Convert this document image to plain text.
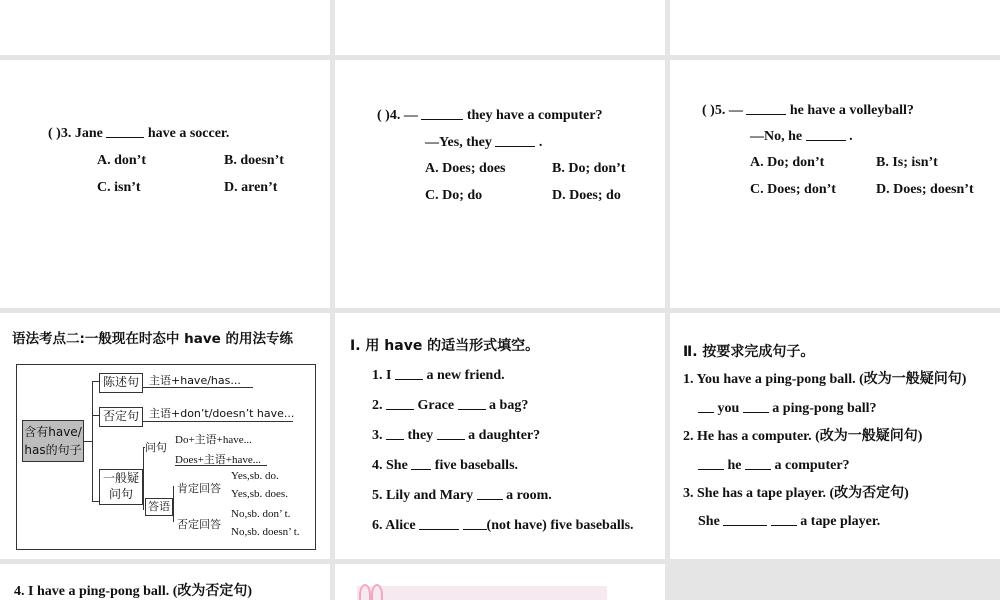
( )3. Jane	have a soccer.
A. don’t	B. doesn’t
C. isn’t	D. aren’t
( )4. —	they have a computer?
—Yes, they	.
A. Does; does	B. Do; don’t
C. Do; do	D. Does; do
( )5. —	he have a volleyball?
—No, he	.
A. Do; don’t	B. Is; isn’t
C. Does; don’t	D. Does; doesn’t
语法考点二:一般现在时态中 have 的用法专练
含有have/
has的句子
陈述句 主语+have/has...
否定句 主语+don’t/doesn’t have...
一般疑
问句
问句
Do+主语+have...
Does+主语+have...
答语
肯定回答
Yes,sb. do.
Yes,sb. does.
否定回答
No,sb. don’ t.
No,sb. doesn’ t.
Ⅰ. 用 have 的适当形式填空。
1. I	a new friend.
2.	Grace	a bag?
3. they	a daughter?
4. She five baseballs.
5. Lily and Mary a room.
6. Alice	(not have) five baseballs.
Ⅱ. 按要求完成句子。
1. You have a ping-pong ball. (改为一般疑问句)
you a ping-pong ball?
2. He has a computer. (改为一般疑问句)
he a computer?
3. She has a tape player. (改为否定句)
She	a tape player.
4. I have a ping-pong ball. (改为否定句)
